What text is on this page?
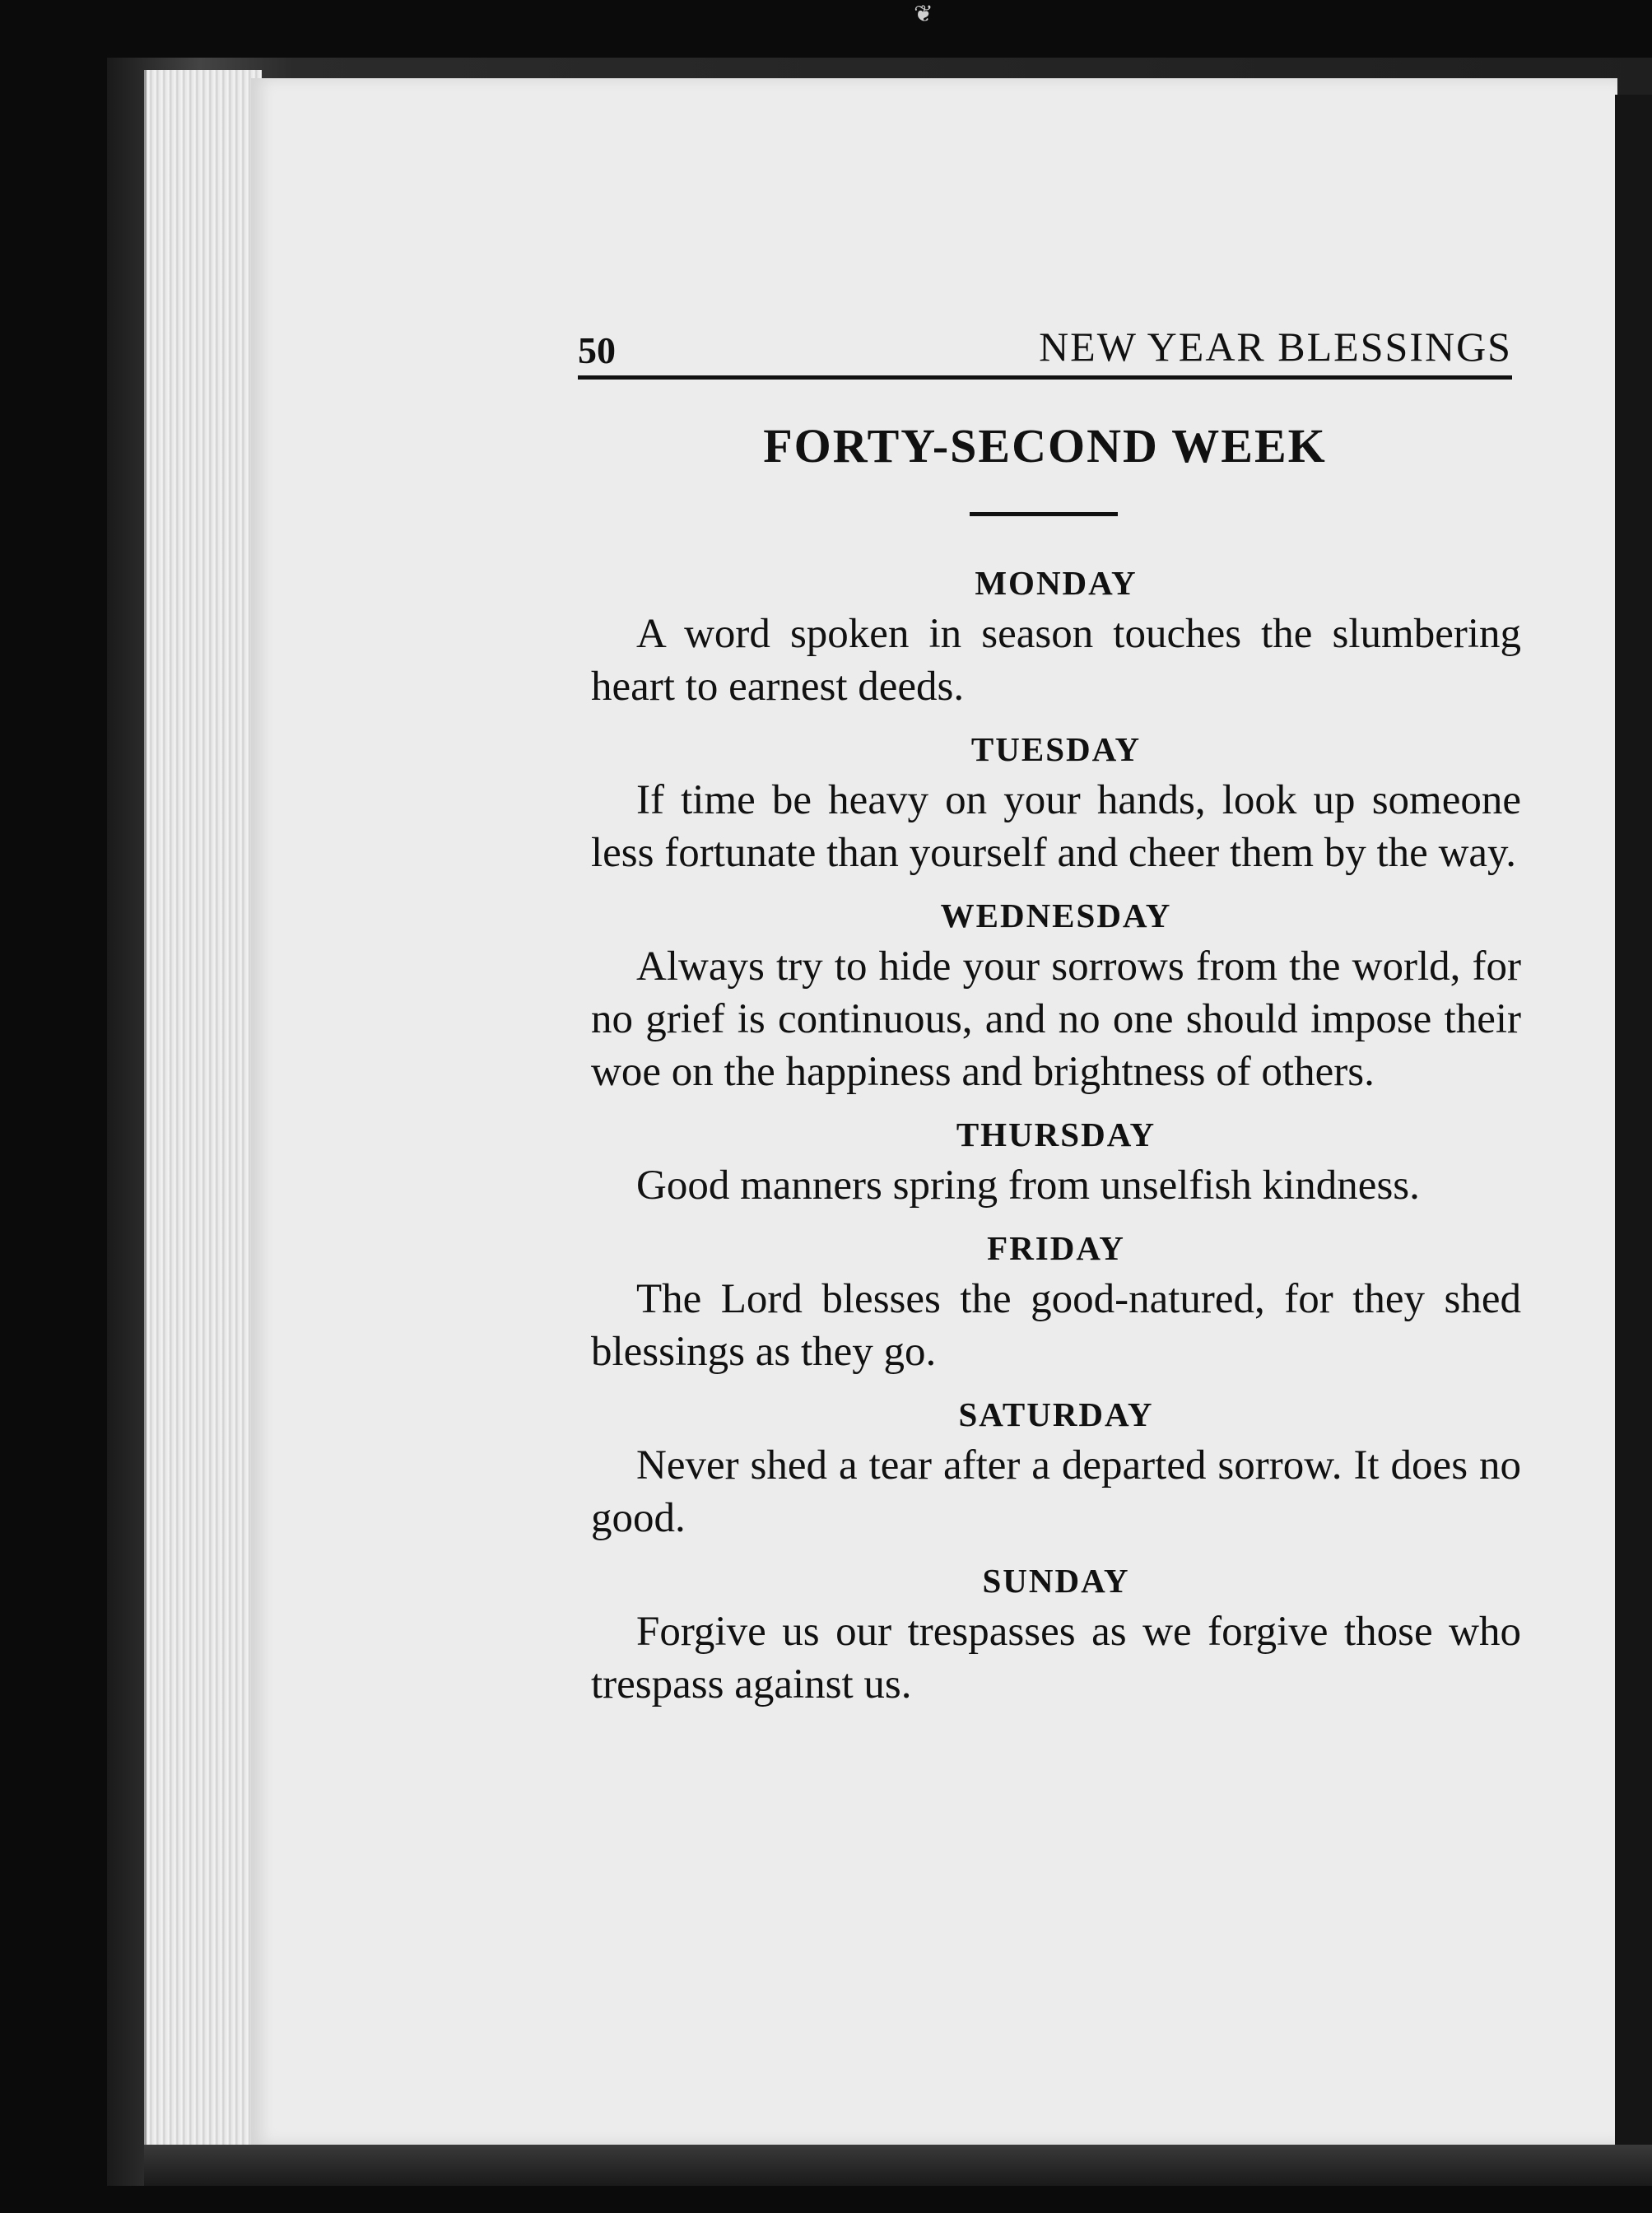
❦
50	NEW YEAR BLESSINGS
FORTY-SECOND WEEK
MONDAY

A word spoken in season touches the slumbering heart to earnest deeds.

TUESDAY

If time be heavy on your hands, look up someone less fortunate than yourself and cheer them by the way.

WEDNESDAY

Always try to hide your sorrows from the world, for no grief is continuous, and no one should impose their woe on the happiness and brightness of others.

THURSDAY

Good manners spring from unselfish kindness.

FRIDAY

The Lord blesses the good-natured, for they shed blessings as they go.

SATURDAY

Never shed a tear after a departed sorrow. It does no good.

SUNDAY

Forgive us our trespasses as we forgive those who trespass against us.
